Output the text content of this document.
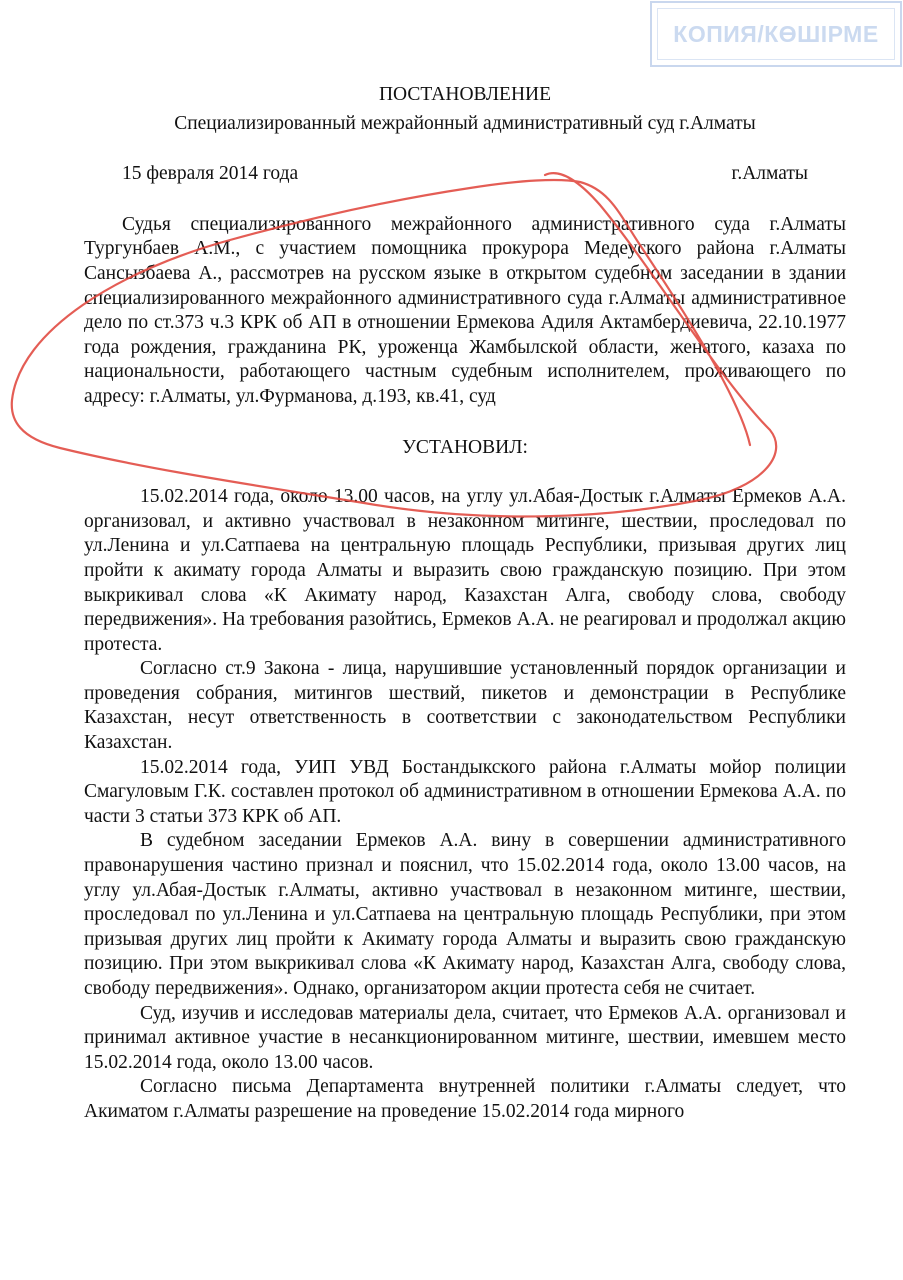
КОПИЯ/КӨШІРМЕ

ПОСТАНОВЛЕНИЕ

Специализированный межрайонный административный суд г.Алматы

15 февраля 2014 года	г.Алматы

Судья специализированного межрайонного административного суда г.Алматы Тургунбаев А.М., с участием помощника прокурора Медеуского района г.Алматы Сансызбаева А., рассмотрев на русском языке в открытом судебном заседании в здании специализированного межрайонного административного суда г.Алматы административное дело по ст.373 ч.3 КРК об АП в отношении Ермекова Адиля Актамбердиевича, 22.10.1977 года рождения, гражданина РК, уроженца Жамбылской области, женатого, казаха по национальности, работающего частным судебным исполнителем, проживающего по адресу: г.Алматы, ул.Фурманова, д.193, кв.41, суд

УСТАНОВИЛ:

15.02.2014 года, около 13.00 часов, на углу ул.Абая-Достык г.Алматы Ермеков А.А. организовал, и активно участвовал в незаконном митинге, шествии, проследовал по ул.Ленина и ул.Сатпаева на центральную площадь Республики, призывая других лиц пройти к акимату города Алматы и выразить свою гражданскую позицию. При этом выкрикивал слова «К Акимату народ, Казахстан Алга, свободу слова, свободу передвижения». На требования разойтись, Ермеков А.А. не реагировал и продолжал акцию протеста.

Согласно ст.9 Закона - лица, нарушившие установленный порядок организации и проведения собрания, митингов шествий, пикетов и демонстрации в Республике Казахстан, несут ответственность в соответствии с законодательством Республики Казахстан.

15.02.2014 года, УИП УВД Бостандыкского района г.Алматы мойор полиции Смагуловым Г.К. составлен протокол об административном в отношении Ермекова А.А. по части 3 статьи 373 КРК об АП.

В судебном заседании Ермеков А.А. вину в совершении административного правонарушения частино признал и пояснил, что 15.02.2014 года, около 13.00 часов, на углу ул.Абая-Достык г.Алматы, активно участвовал в незаконном митинге, шествии, проследовал по ул.Ленина и ул.Сатпаева на центральную площадь Республики, при этом призывая других лиц пройти к Акимату города Алматы и выразить свою гражданскую позицию. При этом выкрикивал слова «К Акимату народ, Казахстан Алга, свободу слова, свободу передвижения». Однако, организатором акции протеста себя не считает.

Суд, изучив и исследовав материалы дела, считает, что Ермеков А.А. организовал и принимал активное участие в несанкционированном митинге, шествии, имевшем место 15.02.2014 года, около 13.00 часов.

Согласно письма Департамента внутренней политики г.Алматы следует, что Акиматом г.Алматы разрешение на проведение 15.02.2014 года мирного
